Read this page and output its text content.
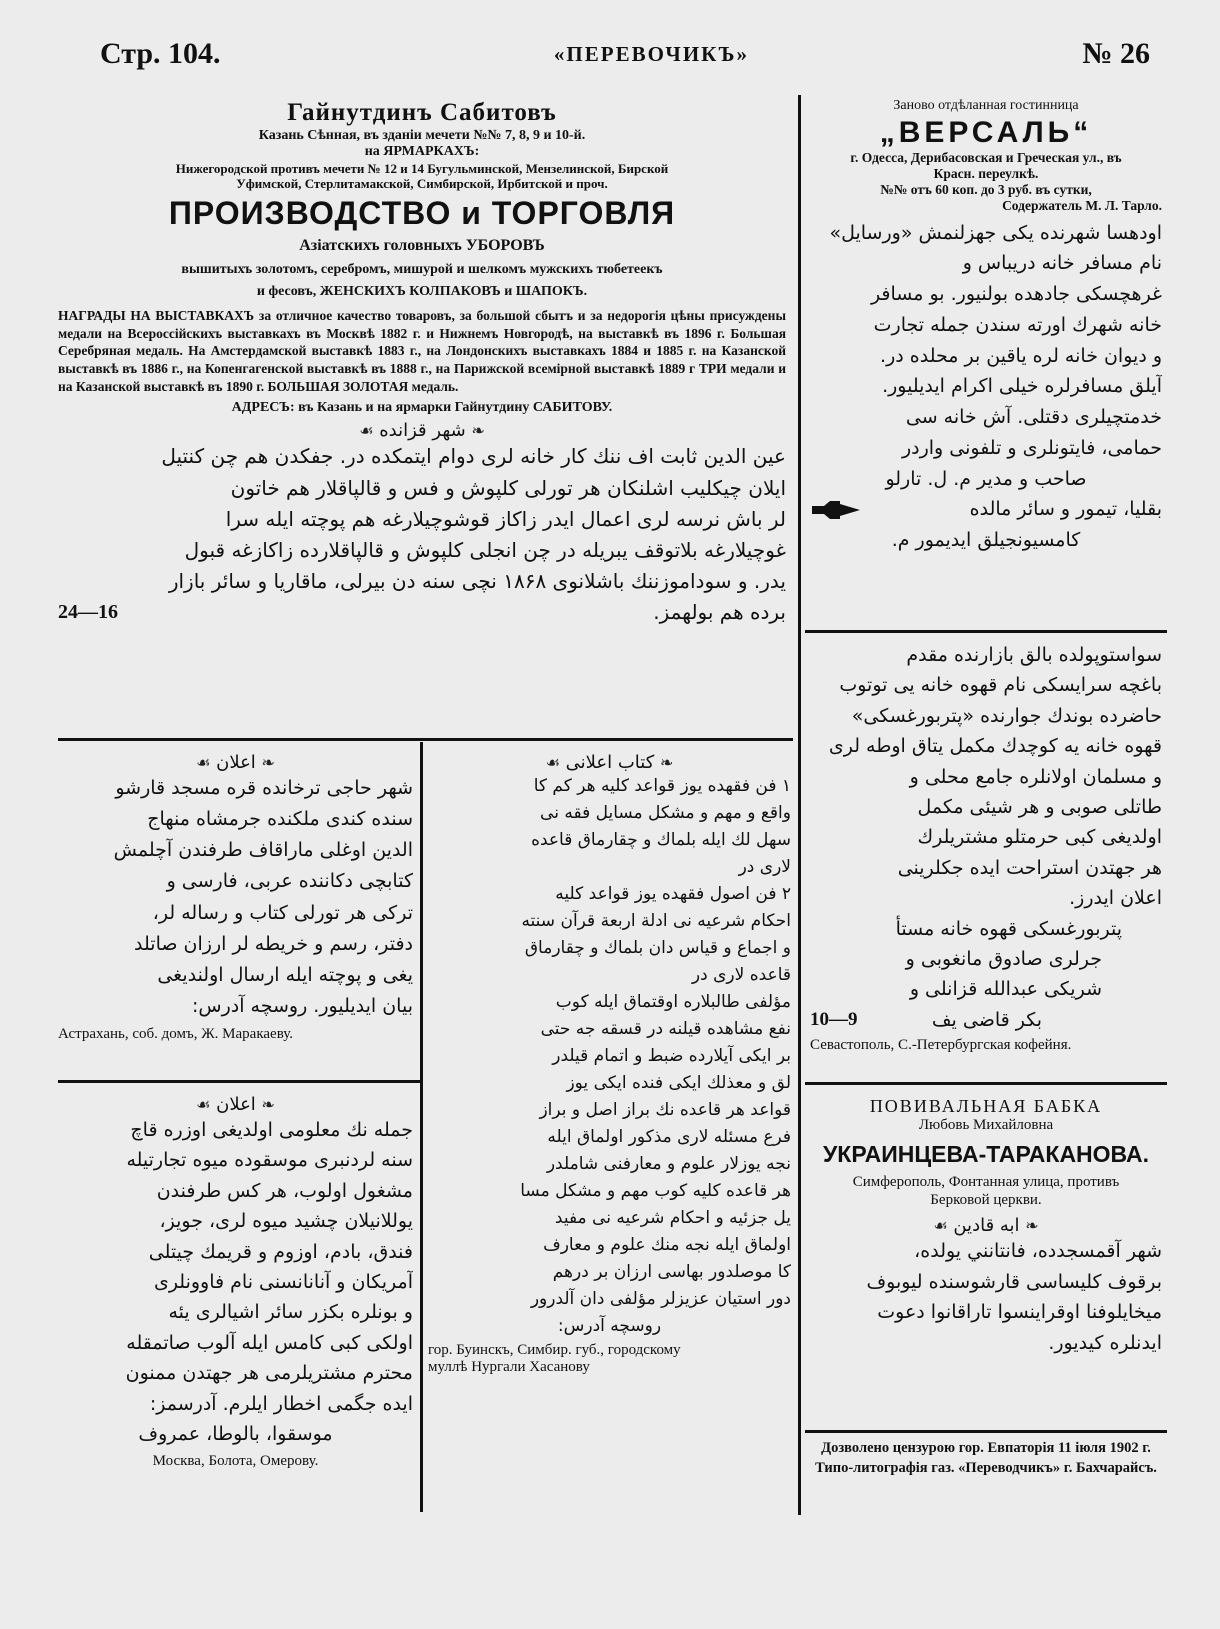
Стр. 104.	«ПЕРЕВОЧИКЪ»	№ 26
Гайнутдинъ Сабитовъ
Казань Сѣнная, въ зданіи мечети №№ 7, 8, 9 и 10-й.
на ЯРМАРКАХЪ:
Нижегородской противъ мечети № 12 и 14 Бугульминской, Мензелинской, Бирской
Уфимской, Стерлитамакской, Симбирской, Ирбитской и проч.
ПРОИЗВОДСТВО и ТОРГОВЛЯ
Азіатскихъ головныхъ УБОРОВЪ
вышитыхъ золотомъ, серебромъ, мишурой и шелкомъ мужскихъ тюбетеекъ
и фесовъ, ЖЕНСКИХЪ КОЛПАКОВЪ и ШАПОКЪ.
НАГРАДЫ НА ВЫСТАВКАХЪ за отличное качество товаровъ, за большой сбытъ и за недорогія цѣны присуждены медали на Всероссійскихъ выставкахъ въ Москвѣ 1882 г. и Нижнемъ Новгородѣ, на выставкѣ въ 1896 г. Большая Серебряная медаль. На Амстердамской выставкѣ 1883 г., на Лондонскихъ выставкахъ 1884 и 1885 г. на Казанской выставкѣ въ 1886 г., на Копенгагенской выставкѣ въ 1888 г., на Парижской всемірной выставкѣ 1889 г ТРИ медали и на Казанской выставкѣ въ 1890 г. БОЛЬШАЯ ЗОЛОТАЯ медаль.
АДРЕСЪ: въ Казань и на ярмарки Гайнутдину САБИТОВУ.
❧ شهر قزانده ☙
عين الدين ثابت اف ننك كار خانه لرى دوام ايتمكده در. جفكدن هم چن كنتيل
ايلان چيكليب اشلنكان هر تورلى كلپوش و فس و قالپاقلار هم خاتون
لر باش نرسه لرى اعمال ايدر زاكاز قوشوچيلارغه هم پوچته ايله سرا
غوچيلارغه بلاتوقف يبريله در چن انجلى كلپوش و قالپاقلارده زاكازغه قبول
يدر. و سوداموزننك باشلانوى ۱۸۶۸ نچى سنه دن بيرلى، ماقاريا و سائر بازار
برده هم بولهمز.
24—16
❧ اعلان ☙
شهر حاجى ترخانده قره مسجد قارشو
سنده كندى ملكنده جرمشاه منهاج
الدين اوغلى ماراقاف طرفندن آچلمش
كتابچى دكاننده عربى، فارسى و
تركى هر تورلى كتاب و رساله لر،
دفتر، رسم و خريطه لر ارزان صاتلد
يغى و پوچته ايله ارسال اولنديغى
بيان ايديليور. روسچه آدرس:
Астрахань, соб. домъ, Ж. Маракаеву.
❧ اعلان ☙
جمله نك معلومى اولديغى اوزره قاچ
سنه لردنبرى موسقوده ميوه تجارتيله
مشغول اولوب، هر كس طرفندن
يوللانيلان چشيد ميوه لرى، جويز،
فندق، بادم، اوزوم و قريمك چيتلى
آمريكان و آنانانسنى نام فاوونلرى
و بونلره بكزر سائر اشيالرى يئه
اولكى كبى كامس ايله آلوب صاتمقله
محترم مشتريلرمى هر جهتدن ممنون
ايده جگمى اخطار ايلرم. آدرسمز:
موسقوا، بالوطا، عمروف
Москва, Болота, Омерову.
❧ كتاب اعلانى ☙
۱ فن فقهده يوز قواعد كليه هر كم كا
واقع و مهم و مشكل مسايل فقه نى
سهل لك ايله بلماك و چقارماق قاعده
لارى در
۲ فن اصول فقهده يوز قواعد كليه
احكام شرعيه نى ادلة اربعة قرآن سنته
و اجماع و قياس دان بلماك و چقارماق
قاعده لارى در
مؤلفى طالبلاره اوقتماق ايله كوب
نفع مشاهده قيلنه در قسقه جه حتى
بر ايكى آيلارده ضبط و اتمام قيلدر
لق و معذلك ايكى فنده ايكى يوز
قواعد هر قاعده نك براز اصل و براز
فرع مسئله لارى مذكور اولماق ايله
نجه يوزلار علوم و معارفنى شاملدر
هر قاعده كليه كوب مهم و مشكل مسا
يل جزئيه و احكام شرعيه نى مفيد
اولماق ايله نجه منك علوم و معارف
كا موصلدور بهاسى ارزان بر درهم
دور استيان عزيزلر مؤلفى دان آلدرور
روسچه آدرس:
гор. Буинскъ, Симбир. губ., городскому
муллѣ Нургали Хасанову
Заново отдѣланная гостинница
„ВЕРСАЛЬ“
г. Одесса, Дерибасовская и Греческая ул., въ
Красн. переулкѣ.
№№ отъ 60 коп. до 3 руб. въ сутки,
Содержатель М. Л. Тарло.
اودهسا شهرنده يكى جهزلنمش «ورسايل» نام مسافر خانه دريباس و
غرهچسكى جادهده بولنيور. بو مسافر
خانه شهرك اورته سندن جمله تجارت
و ديوان خانه لره ياقين بر محلده در.
آيلق مسافرلره خيلى اكرام ايديليور.
خدمتچيلرى دقتلى. آش خانه سى
حمامى، فايتونلرى و تلفونى واردر
صاحب و مدير م. ل. تارلو
بقليا، تيمور و سائر مالده
كامسيونجيلق ايديمور م.
سواستوپولده بالق بازارنده مقدم
باغچه سرايسكى نام قهوه خانه يى توتوب
حاضرده بوندك جوارنده «پتربورغسكى»
قهوه خانه يه كوچدك مكمل يتاق اوطه لرى
و مسلمان اولانلره جامع محلى و
طاتلى صوبى و هر شيئى مكمل
اولديغى كبى حرمتلو مشتريلرك
هر جهتدن استراحت ايده جكلرينى
اعلان ايدرز.
پتربورغسكى قهوه خانه مستأ
جرلرى صادوق مانغوبى و
شريكى عبدالله قزانلى و
بكر قاضى يف
10—9
Севастополь, С.-Петербургская кофейня.
ПОВИВАЛЬНАЯ БАБКА
Любовь Михайловна
УКРАИНЦЕВА-ТАРАКАНОВА.
Симферополь, Фонтанная улица, противъ
Берковой церкви.
❧ ابه قادين ☙
شهر آقمسجدده، فانتانني يولده،
برقوف كليساسى قارشوسنده ليوبوف
ميخايلوفنا اوقراينسوا تاراقانوا دعوت
ايدنلره كيديور.
Дозволено цензурою гор. Евпаторія 11 іюля 1902 г. Типо-литографія газ. «Переводчикъ» г. Бахчарайсъ.
